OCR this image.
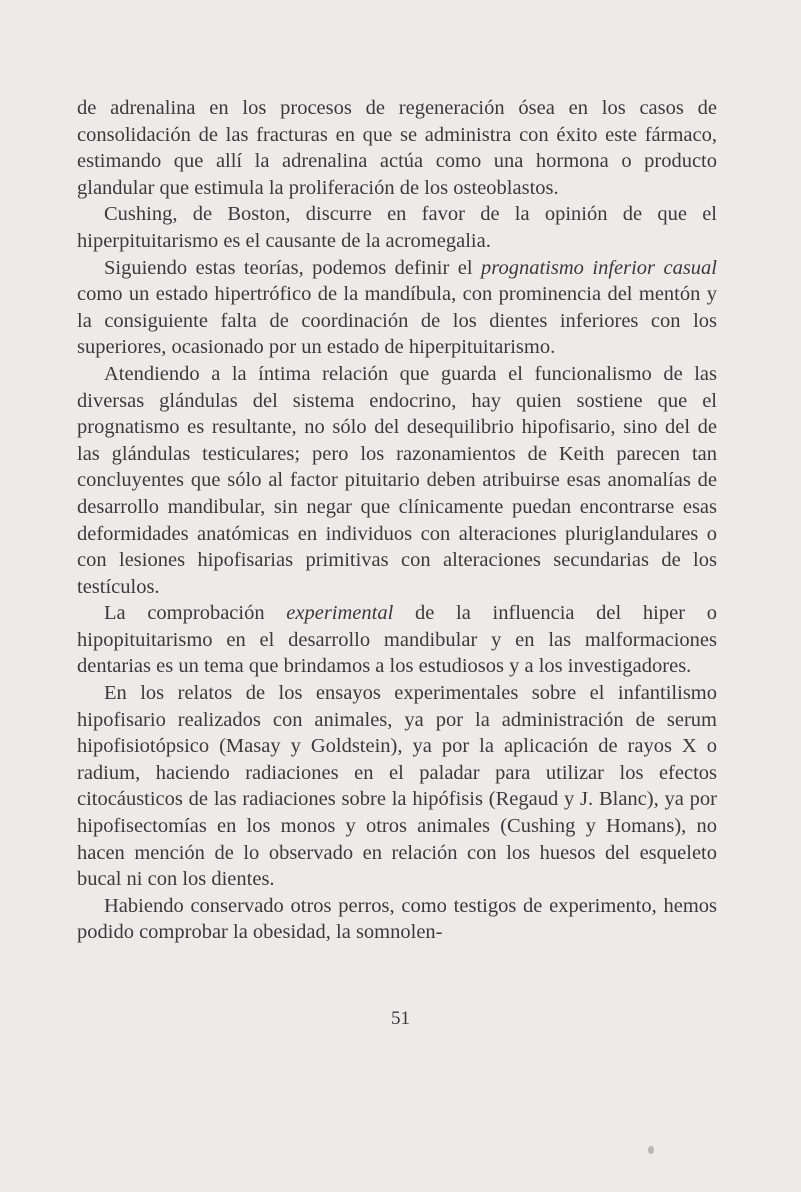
de adrenalina en los procesos de regeneración ósea en los casos de consolidación de las fracturas en que se administra con éxito este fármaco, estimando que allí la adrenalina actúa como una hormona o producto glandular que estimula la proliferación de los osteoblastos.

Cushing, de Boston, discurre en favor de la opinión de que el hiperpituitarismo es el causante de la acromegalia.

Siguiendo estas teorías, podemos definir el prognatismo inferior casual como un estado hipertrófico de la mandíbula, con prominencia del mentón y la consiguiente falta de coordinación de los dientes inferiores con los superiores, ocasionado por un estado de hiperpituitarismo.

Atendiendo a la íntima relación que guarda el funcionalismo de las diversas glándulas del sistema endocrino, hay quien sostiene que el prognatismo es resultante, no sólo del desequilibrio hipofisario, sino del de las glándulas testiculares; pero los razonamientos de Keith parecen tan concluyentes que sólo al factor pituitario deben atribuirse esas anomalías de desarrollo mandibular, sin negar que clínicamente puedan encontrarse esas deformidades anatómicas en individuos con alteraciones pluriglandulares o con lesiones hipofisarias primitivas con alteraciones secundarias de los testículos.

La comprobación experimental de la influencia del hiper o hipopituitarismo en el desarrollo mandibular y en las malformaciones dentarias es un tema que brindamos a los estudiosos y a los investigadores.

En los relatos de los ensayos experimentales sobre el infantilismo hipofisario realizados con animales, ya por la administración de serum hipofisiotópsico (Masay y Goldstein), ya por la aplicación de rayos X o radium, haciendo radiaciones en el paladar para utilizar los efectos citocáusticos de las radiaciones sobre la hipófisis (Regaud y J. Blanc), ya por hipofisectomías en los monos y otros animales (Cushing y Homans), no hacen mención de lo observado en relación con los huesos del esqueleto bucal ni con los dientes.

Habiendo conservado otros perros, como testigos de experimento, hemos podido comprobar la obesidad, la somnolen-

51
